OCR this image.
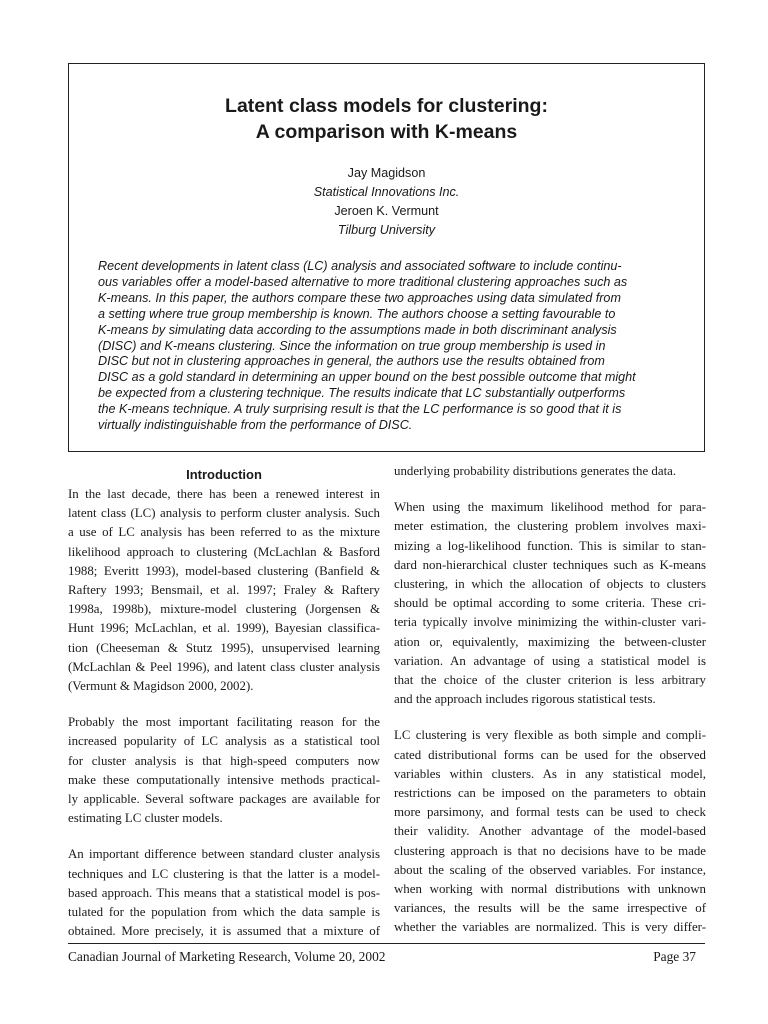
Latent class models for clustering:
A comparison with K-means
Jay Magidson
Statistical Innovations Inc.
Jeroen K. Vermunt
Tilburg University
Recent developments in latent class (LC) analysis and associated software to include continu-
ous variables offer a model-based alternative to more traditional clustering approaches such as
K-means. In this paper, the authors compare these two approaches using data simulated from
a setting where true group membership is known. The authors choose a setting favourable to
K-means by simulating data according to the assumptions made in both discriminant analysis
(DISC) and K-means clustering. Since the information on true group membership is used in
DISC but not in clustering approaches in general, the authors use the results obtained from
DISC as a gold standard in determining an upper bound on the best possible outcome that might
be expected from a clustering technique. The results indicate that LC substantially outperforms
the K-means technique. A truly surprising result is that the LC performance is so good that it is
virtually indistinguishable from the performance of DISC.
Introduction
In the last decade, there has been a renewed interest in
latent class (LC) analysis to perform cluster analysis. Such
a use of LC analysis has been referred to as the mixture
likelihood approach to clustering (McLachlan & Basford
1988; Everitt 1993), model-based clustering (Banfield &
Raftery 1993; Bensmail, et al. 1997; Fraley & Raftery
1998a, 1998b), mixture-model clustering (Jorgensen &
Hunt 1996; McLachlan, et al. 1999), Bayesian classifica-
tion (Cheeseman & Stutz 1995), unsupervised learning
(McLachlan & Peel 1996), and latent class cluster analysis
(Vermunt & Magidson 2000, 2002).
Probably the most important facilitating reason for the
increased popularity of LC analysis as a statistical tool
for cluster analysis is that high-speed computers now
make these computationally intensive methods practical-
ly applicable. Several software packages are available for
estimating LC cluster models.
An important difference between standard cluster analysis
techniques and LC clustering is that the latter is a model-
based approach. This means that a statistical model is pos-
tulated for the population from which the data sample is
obtained. More precisely, it is assumed that a mixture of
underlying probability distributions generates the data.
When using the maximum likelihood method for para-
meter estimation, the clustering problem involves maxi-
mizing a log-likelihood function. This is similar to stan-
dard non-hierarchical cluster techniques such as K-means
clustering, in which the allocation of objects to clusters
should be optimal according to some criteria. These cri-
teria typically involve minimizing the within-cluster vari-
ation or, equivalently, maximizing the between-cluster
variation. An advantage of using a statistical model is
that the choice of the cluster criterion is less arbitrary
and the approach includes rigorous statistical tests.
LC clustering is very flexible as both simple and compli-
cated distributional forms can be used for the observed
variables within clusters. As in any statistical model,
restrictions can be imposed on the parameters to obtain
more parsimony, and formal tests can be used to check
their validity. Another advantage of the model-based
clustering approach is that no decisions have to be made
about the scaling of the observed variables. For instance,
when working with normal distributions with unknown
variances, the results will be the same irrespective of
whether the variables are normalized. This is very differ-
Canadian Journal of Marketing Research, Volume 20, 2002	Page 37
